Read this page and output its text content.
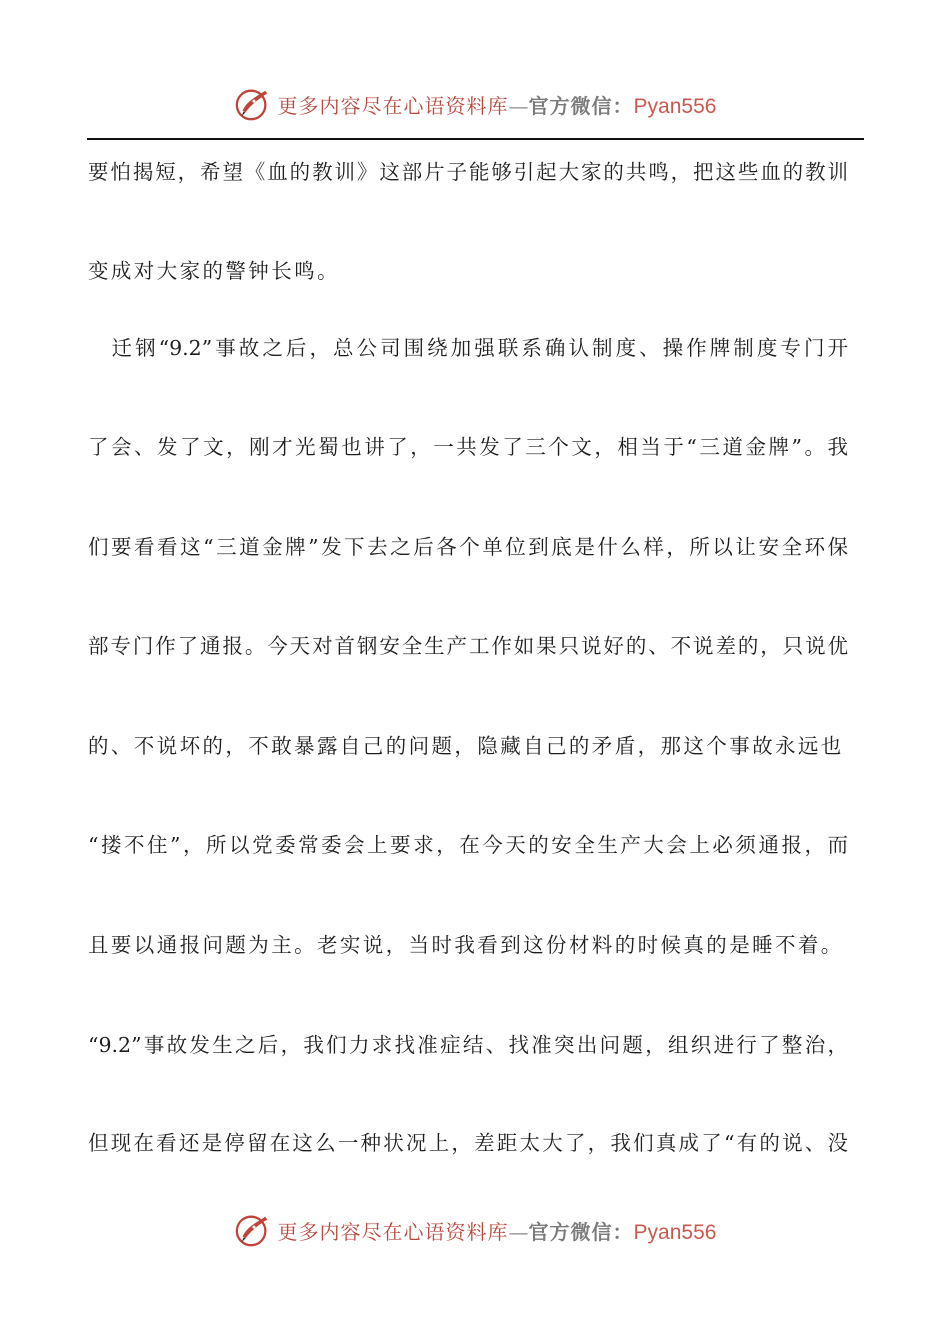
更多内容尽在心语资料库—官方微信：Pyan556
要怕揭短，希望《血的教训》这部片子能够引起大家的共鸣，把这些血的教训
变成对大家的警钟长鸣。
　迁钢“9.2”事故之后，总公司围绕加强联系确认制度、操作牌制度专门开
了会、发了文，刚才光蜀也讲了，一共发了三个文，相当于“三道金牌”。我
们要看看这“三道金牌”发下去之后各个单位到底是什么样，所以让安全环保
部专门作了通报。今天对首钢安全生产工作如果只说好的、不说差的，只说优
的、不说坏的，不敢暴露自己的问题，隐藏自己的矛盾，那这个事故永远也
“搂不住”，所以党委常委会上要求，在今天的安全生产大会上必须通报，而
且要以通报问题为主。老实说，当时我看到这份材料的时候真的是睡不着。
“9.2”事故发生之后，我们力求找准症结、找准突出问题，组织进行了整治，
但现在看还是停留在这么一种状况上，差距太大了，我们真成了“有的说、没
更多内容尽在心语资料库—官方微信：Pyan556
